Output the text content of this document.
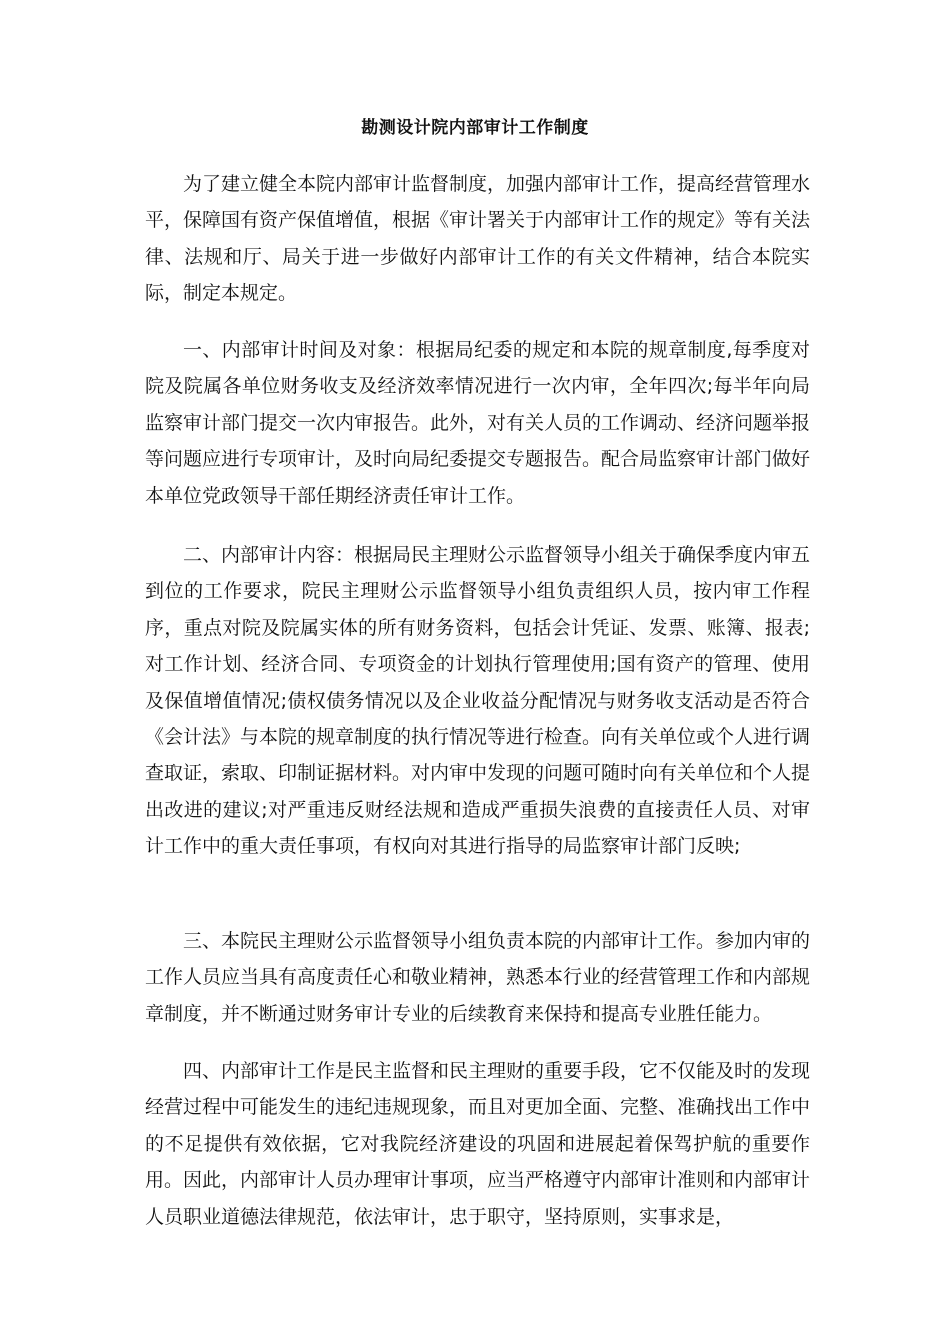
勘测设计院内部审计工作制度

为了建立健全本院内部审计监督制度，加强内部审计工作，提高经营管理水平，保障国有资产保值增值，根据《审计署关于内部审计工作的规定》等有关法律、法规和厅、局关于进一步做好内部审计工作的有关文件精神，结合本院实际，制定本规定。

一、内部审计时间及对象：根据局纪委的规定和本院的规章制度,每季度对院及院属各单位财务收支及经济效率情况进行一次内审，全年四次;每半年向局监察审计部门提交一次内审报告。此外，对有关人员的工作调动、经济问题举报等问题应进行专项审计，及时向局纪委提交专题报告。配合局监察审计部门做好本单位党政领导干部任期经济责任审计工作。

二、内部审计内容：根据局民主理财公示监督领导小组关于确保季度内审五到位的工作要求，院民主理财公示监督领导小组负责组织人员，按内审工作程序，重点对院及院属实体的所有财务资料，包括会计凭证、发票、账簿、报表;对工作计划、经济合同、专项资金的计划执行管理使用;国有资产的管理、使用及保值增值情况;债权债务情况以及企业收益分配情况与财务收支活动是否符合《会计法》与本院的规章制度的执行情况等进行检查。向有关单位或个人进行调查取证，索取、印制证据材料。对内审中发现的问题可随时向有关单位和个人提出改进的建议;对严重违反财经法规和造成严重损失浪费的直接责任人员、对审计工作中的重大责任事项，有权向对其进行指导的局监察审计部门反映;

三、本院民主理财公示监督领导小组负责本院的内部审计工作。参加内审的工作人员应当具有高度责任心和敬业精神，熟悉本行业的经营管理工作和内部规章制度，并不断通过财务审计专业的后续教育来保持和提高专业胜任能力。

四、内部审计工作是民主监督和民主理财的重要手段，它不仅能及时的发现经营过程中可能发生的违纪违规现象，而且对更加全面、完整、准确找出工作中的不足提供有效依据，它对我院经济建设的巩固和进展起着保驾护航的重要作用。因此，内部审计人员办理审计事项，应当严格遵守内部审计准则和内部审计人员职业道德法律规范，依法审计，忠于职守，坚持原则，实事求是，
